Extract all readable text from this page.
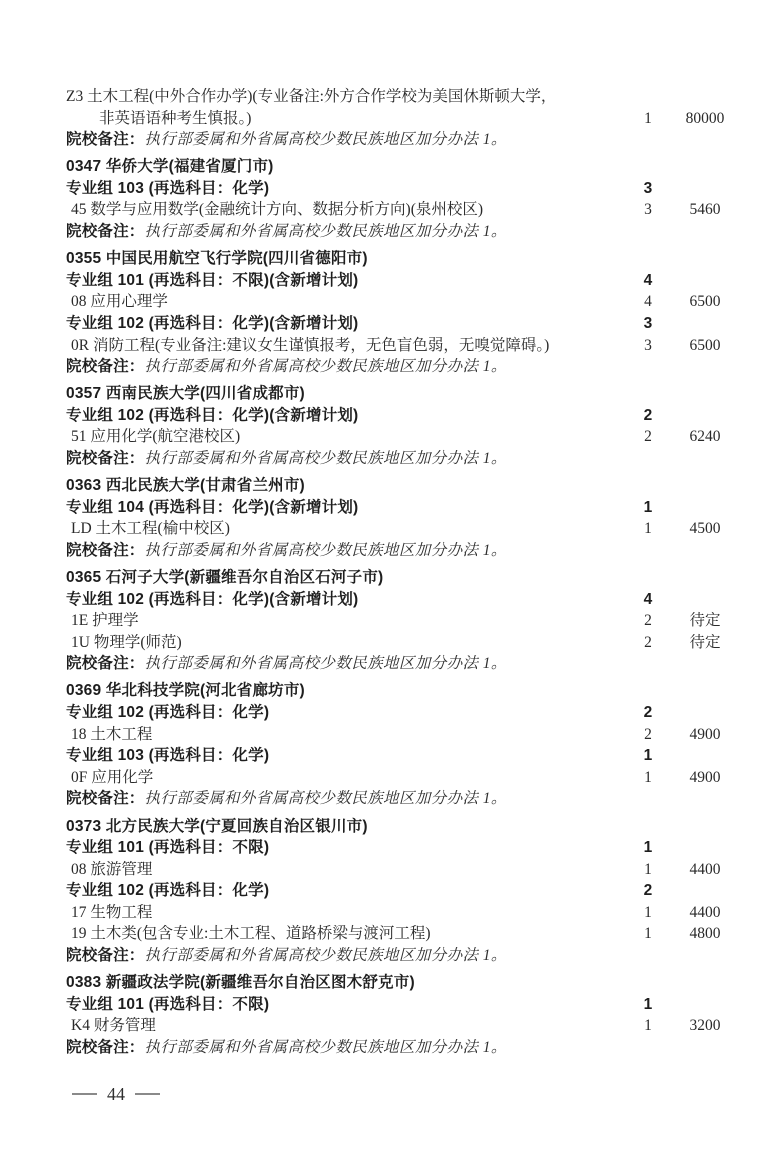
Z3 土木工程(中外合作办学)(专业备注:外方合作学校为美国休斯顿大学，
非英语语种考生慎报。)	1	80000
院校备注：执行部委属和外省属高校少数民族地区加分办法 1。
0347 华侨大学(福建省厦门市)
专业组 103 (再选科目：化学)	3
45 数学与应用数学(金融统计方向、数据分析方向)(泉州校区)	3	5460
院校备注：执行部委属和外省属高校少数民族地区加分办法 1。
0355 中国民用航空飞行学院(四川省德阳市)
专业组 101 (再选科目：不限)(含新增计划)	4
08 应用心理学	4	6500
专业组 102 (再选科目：化学)(含新增计划)	3
0R 消防工程(专业备注:建议女生谨慎报考，无色盲色弱，无嗅觉障碍。)	3	6500
院校备注：执行部委属和外省属高校少数民族地区加分办法 1。
0357 西南民族大学(四川省成都市)
专业组 102 (再选科目：化学)(含新增计划)	2
51 应用化学(航空港校区)	2	6240
院校备注：执行部委属和外省属高校少数民族地区加分办法 1。
0363 西北民族大学(甘肃省兰州市)
专业组 104 (再选科目：化学)(含新增计划)	1
LD 土木工程(榆中校区)	1	4500
院校备注：执行部委属和外省属高校少数民族地区加分办法 1。
0365 石河子大学(新疆维吾尔自治区石河子市)
专业组 102 (再选科目：化学)(含新增计划)	4
1E 护理学	2	待定
1U 物理学(师范)	2	待定
院校备注：执行部委属和外省属高校少数民族地区加分办法 1。
0369 华北科技学院(河北省廊坊市)
专业组 102 (再选科目：化学)	2
18 土木工程	2	4900
专业组 103 (再选科目：化学)	1
0F 应用化学	1	4900
院校备注：执行部委属和外省属高校少数民族地区加分办法 1。
0373 北方民族大学(宁夏回族自治区银川市)
专业组 101 (再选科目：不限)	1
08 旅游管理	1	4400
专业组 102 (再选科目：化学)	2
17 生物工程	1	4400
19 土木类(包含专业:土木工程、道路桥梁与渡河工程)	1	4800
院校备注：执行部委属和外省属高校少数民族地区加分办法 1。
0383 新疆政法学院(新疆维吾尔自治区图木舒克市)
专业组 101 (再选科目：不限)	1
K4 财务管理	1	3200
院校备注：执行部委属和外省属高校少数民族地区加分办法 1。
44
